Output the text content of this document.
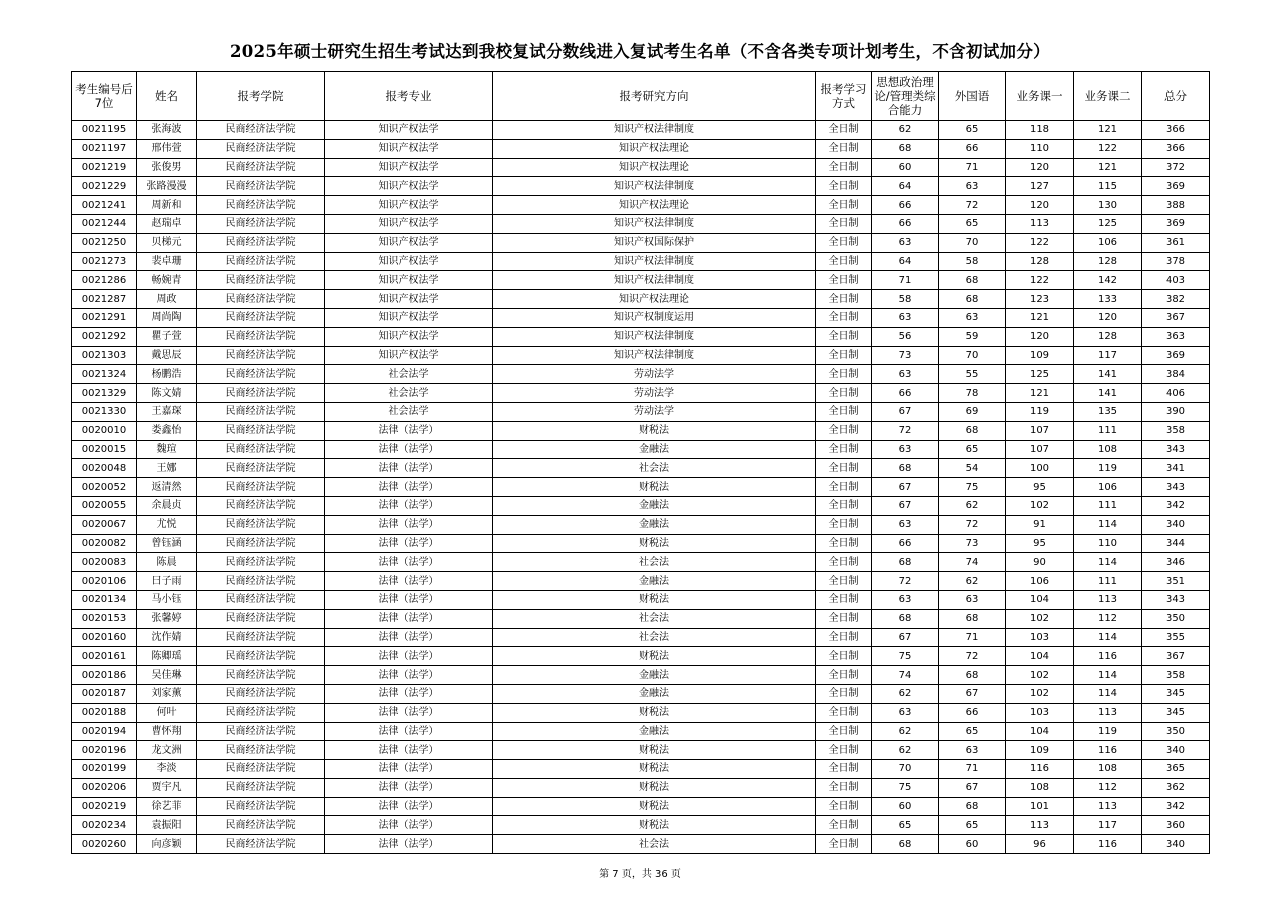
2025年硕士研究生招生考试达到我校复试分数线进入复试考生名单（不含各类专项计划考生，不含初试加分）
考生编号后7位	姓名	报考学院	报考专业	报考研究方向	报考学习方式	思想政治理论/管理类综合能力	外国语	业务课一	业务课二	总分
0021195	张海波	民商经济法学院	知识产权法学	知识产权法律制度	全日制	62	65	118	121	366
0021197	邢伟萱	民商经济法学院	知识产权法学	知识产权法理论	全日制	68	66	110	122	366
0021219	张俊男	民商经济法学院	知识产权法学	知识产权法理论	全日制	60	71	120	121	372
0021229	张路漫漫	民商经济法学院	知识产权法学	知识产权法律制度	全日制	64	63	127	115	369
0021241	周新和	民商经济法学院	知识产权法学	知识产权法理论	全日制	66	72	120	130	388
0021244	赵瑞卓	民商经济法学院	知识产权法学	知识产权法律制度	全日制	66	65	113	125	369
0021250	贝梯元	民商经济法学院	知识产权法学	知识产权国际保护	全日制	63	70	122	106	361
0021273	裴卓珊	民商经济法学院	知识产权法学	知识产权法律制度	全日制	64	58	128	128	378
0021286	畅婉青	民商经济法学院	知识产权法学	知识产权法律制度	全日制	71	68	122	142	403
0021287	周政	民商经济法学院	知识产权法学	知识产权法理论	全日制	58	68	123	133	382
0021291	周尚陶	民商经济法学院	知识产权法学	知识产权制度运用	全日制	63	63	121	120	367
0021292	瞿子萱	民商经济法学院	知识产权法学	知识产权法律制度	全日制	56	59	120	128	363
0021303	戴思辰	民商经济法学院	知识产权法学	知识产权法律制度	全日制	73	70	109	117	369
0021324	杨鹏浩	民商经济法学院	社会法学	劳动法学	全日制	63	55	125	141	384
0021329	陈文婧	民商经济法学院	社会法学	劳动法学	全日制	66	78	121	141	406
0021330	王嘉琛	民商经济法学院	社会法学	劳动法学	全日制	67	69	119	135	390
0020010	娄鑫怡	民商经济法学院	法律（法学）	财税法	全日制	72	68	107	111	358
0020015	魏瑄	民商经济法学院	法律（法学）	金融法	全日制	63	65	107	108	343
0020048	王娜	民商经济法学院	法律（法学）	社会法	全日制	68	54	100	119	341
0020052	返清然	民商经济法学院	法律（法学）	财税法	全日制	67	75	95	106	343
0020055	余晨贞	民商经济法学院	法律（法学）	金融法	全日制	67	62	102	111	342
0020067	尤悦	民商经济法学院	法律（法学）	金融法	全日制	63	72	91	114	340
0020082	曾钰涵	民商经济法学院	法律（法学）	财税法	全日制	66	73	95	110	344
0020083	陈晨	民商经济法学院	法律（法学）	社会法	全日制	68	74	90	114	346
0020106	曰子雨	民商经济法学院	法律（法学）	金融法	全日制	72	62	106	111	351
0020134	马小钰	民商经济法学院	法律（法学）	财税法	全日制	63	63	104	113	343
0020153	张馨婷	民商经济法学院	法律（法学）	社会法	全日制	68	68	102	112	350
0020160	沈作婧	民商经济法学院	法律（法学）	社会法	全日制	67	71	103	114	355
0020161	陈卿瑶	民商经济法学院	法律（法学）	财税法	全日制	75	72	104	116	367
0020186	吴佳琳	民商经济法学院	法律（法学）	金融法	全日制	74	68	102	114	358
0020187	刘家薰	民商经济法学院	法律（法学）	金融法	全日制	62	67	102	114	345
0020188	何叶	民商经济法学院	法律（法学）	财税法	全日制	63	66	103	113	345
0020194	曹怀翔	民商经济法学院	法律（法学）	金融法	全日制	62	65	104	119	350
0020196	龙文洲	民商经济法学院	法律（法学）	财税法	全日制	62	63	109	116	340
0020199	李淡	民商经济法学院	法律（法学）	财税法	全日制	70	71	116	108	365
0020206	贾宇凡	民商经济法学院	法律（法学）	财税法	全日制	75	67	108	112	362
0020219	徐艺菲	民商经济法学院	法律（法学）	财税法	全日制	60	68	101	113	342
0020234	袁振阳	民商经济法学院	法律（法学）	财税法	全日制	65	65	113	117	360
0020260	向彦颖	民商经济法学院	法律（法学）	社会法	全日制	68	60	96	116	340
第 7 页，共 36 页
